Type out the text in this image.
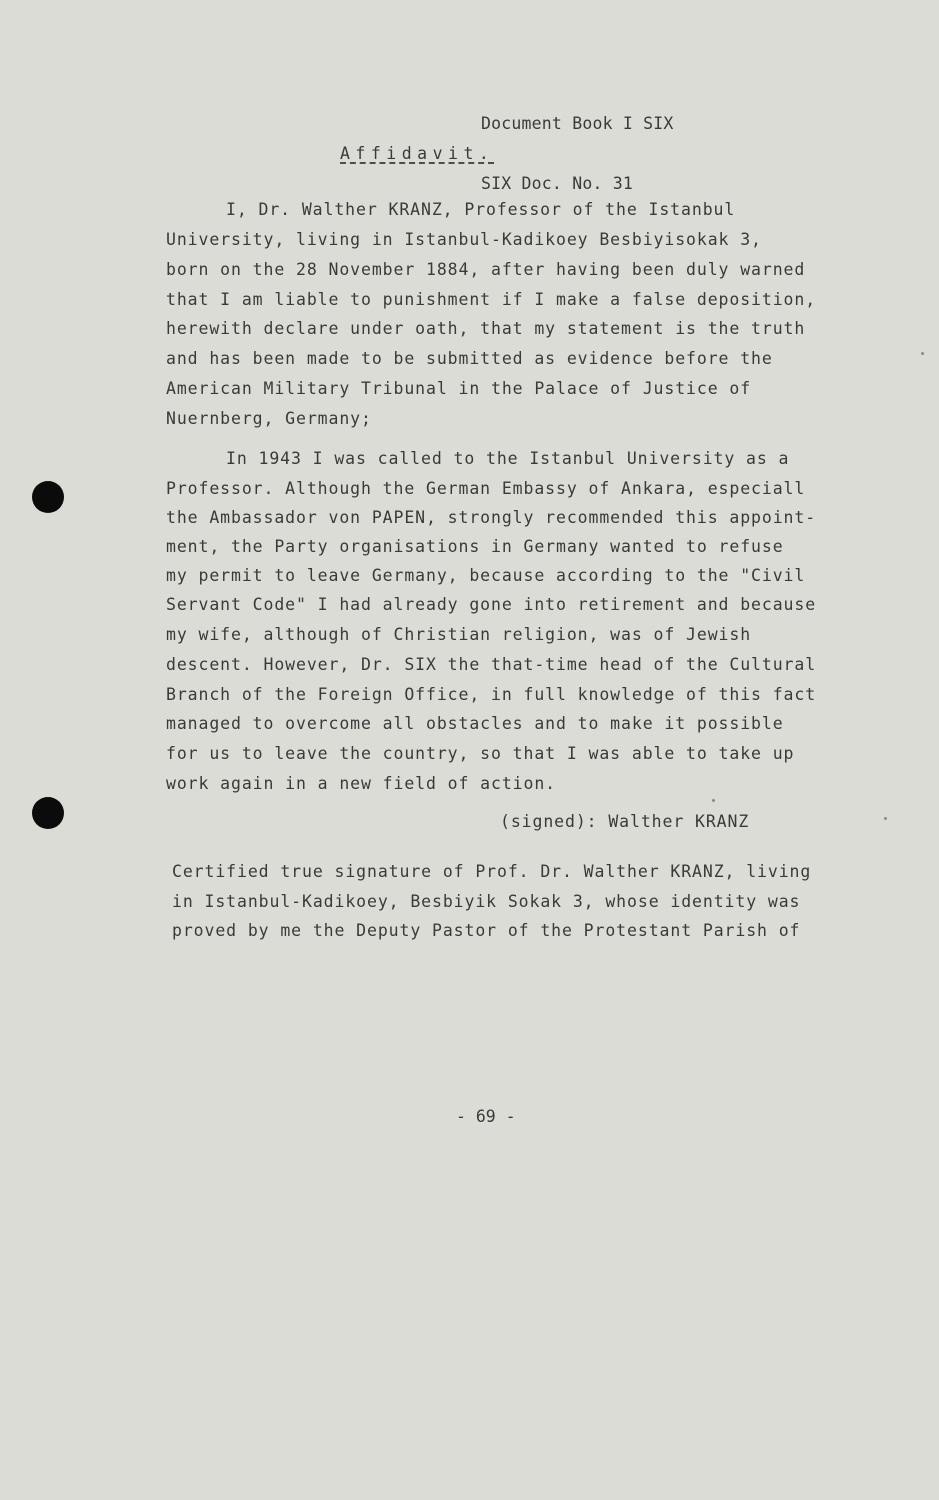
Document Book I SIX

SIX Doc. No. 31

Affidavit.
I, Dr. Walther KRANZ, Professor of the Istanbul
University, living in Istanbul-Kadikoey Besbiyisokak 3,
born on the 28 November 1884, after having been duly warned
that I am liable to punishment if I make a false deposition,
herewith declare under oath, that my statement is the truth
and has been made to be submitted as evidence before the
American Military Tribunal in the Palace of Justice of
Nuernberg, Germany;
In 1943 I was called to the Istanbul University as a
Professor. Although the German Embassy of Ankara, especiall
the Ambassador von PAPEN, strongly recommended this appoint-
ment, the Party organisations in Germany wanted to refuse
my permit to leave Germany, because according to the "Civil
Servant Code" I had already gone into retirement and because
my wife, although of Christian religion, was of Jewish
descent. However, Dr. SIX the that-time head of the Cultural
Branch of the Foreign Office, in full knowledge of this fact
managed to overcome all obstacles and to make it possible
for us to leave the country, so that I was able to take up
work again in a new field of action.
(signed): Walther KRANZ
Certified true signature of Prof. Dr. Walther KRANZ, living
in Istanbul-Kadikoey, Besbiyik Sokak 3, whose identity was
proved by me the Deputy Pastor of the Protestant Parish of
- 69 -
